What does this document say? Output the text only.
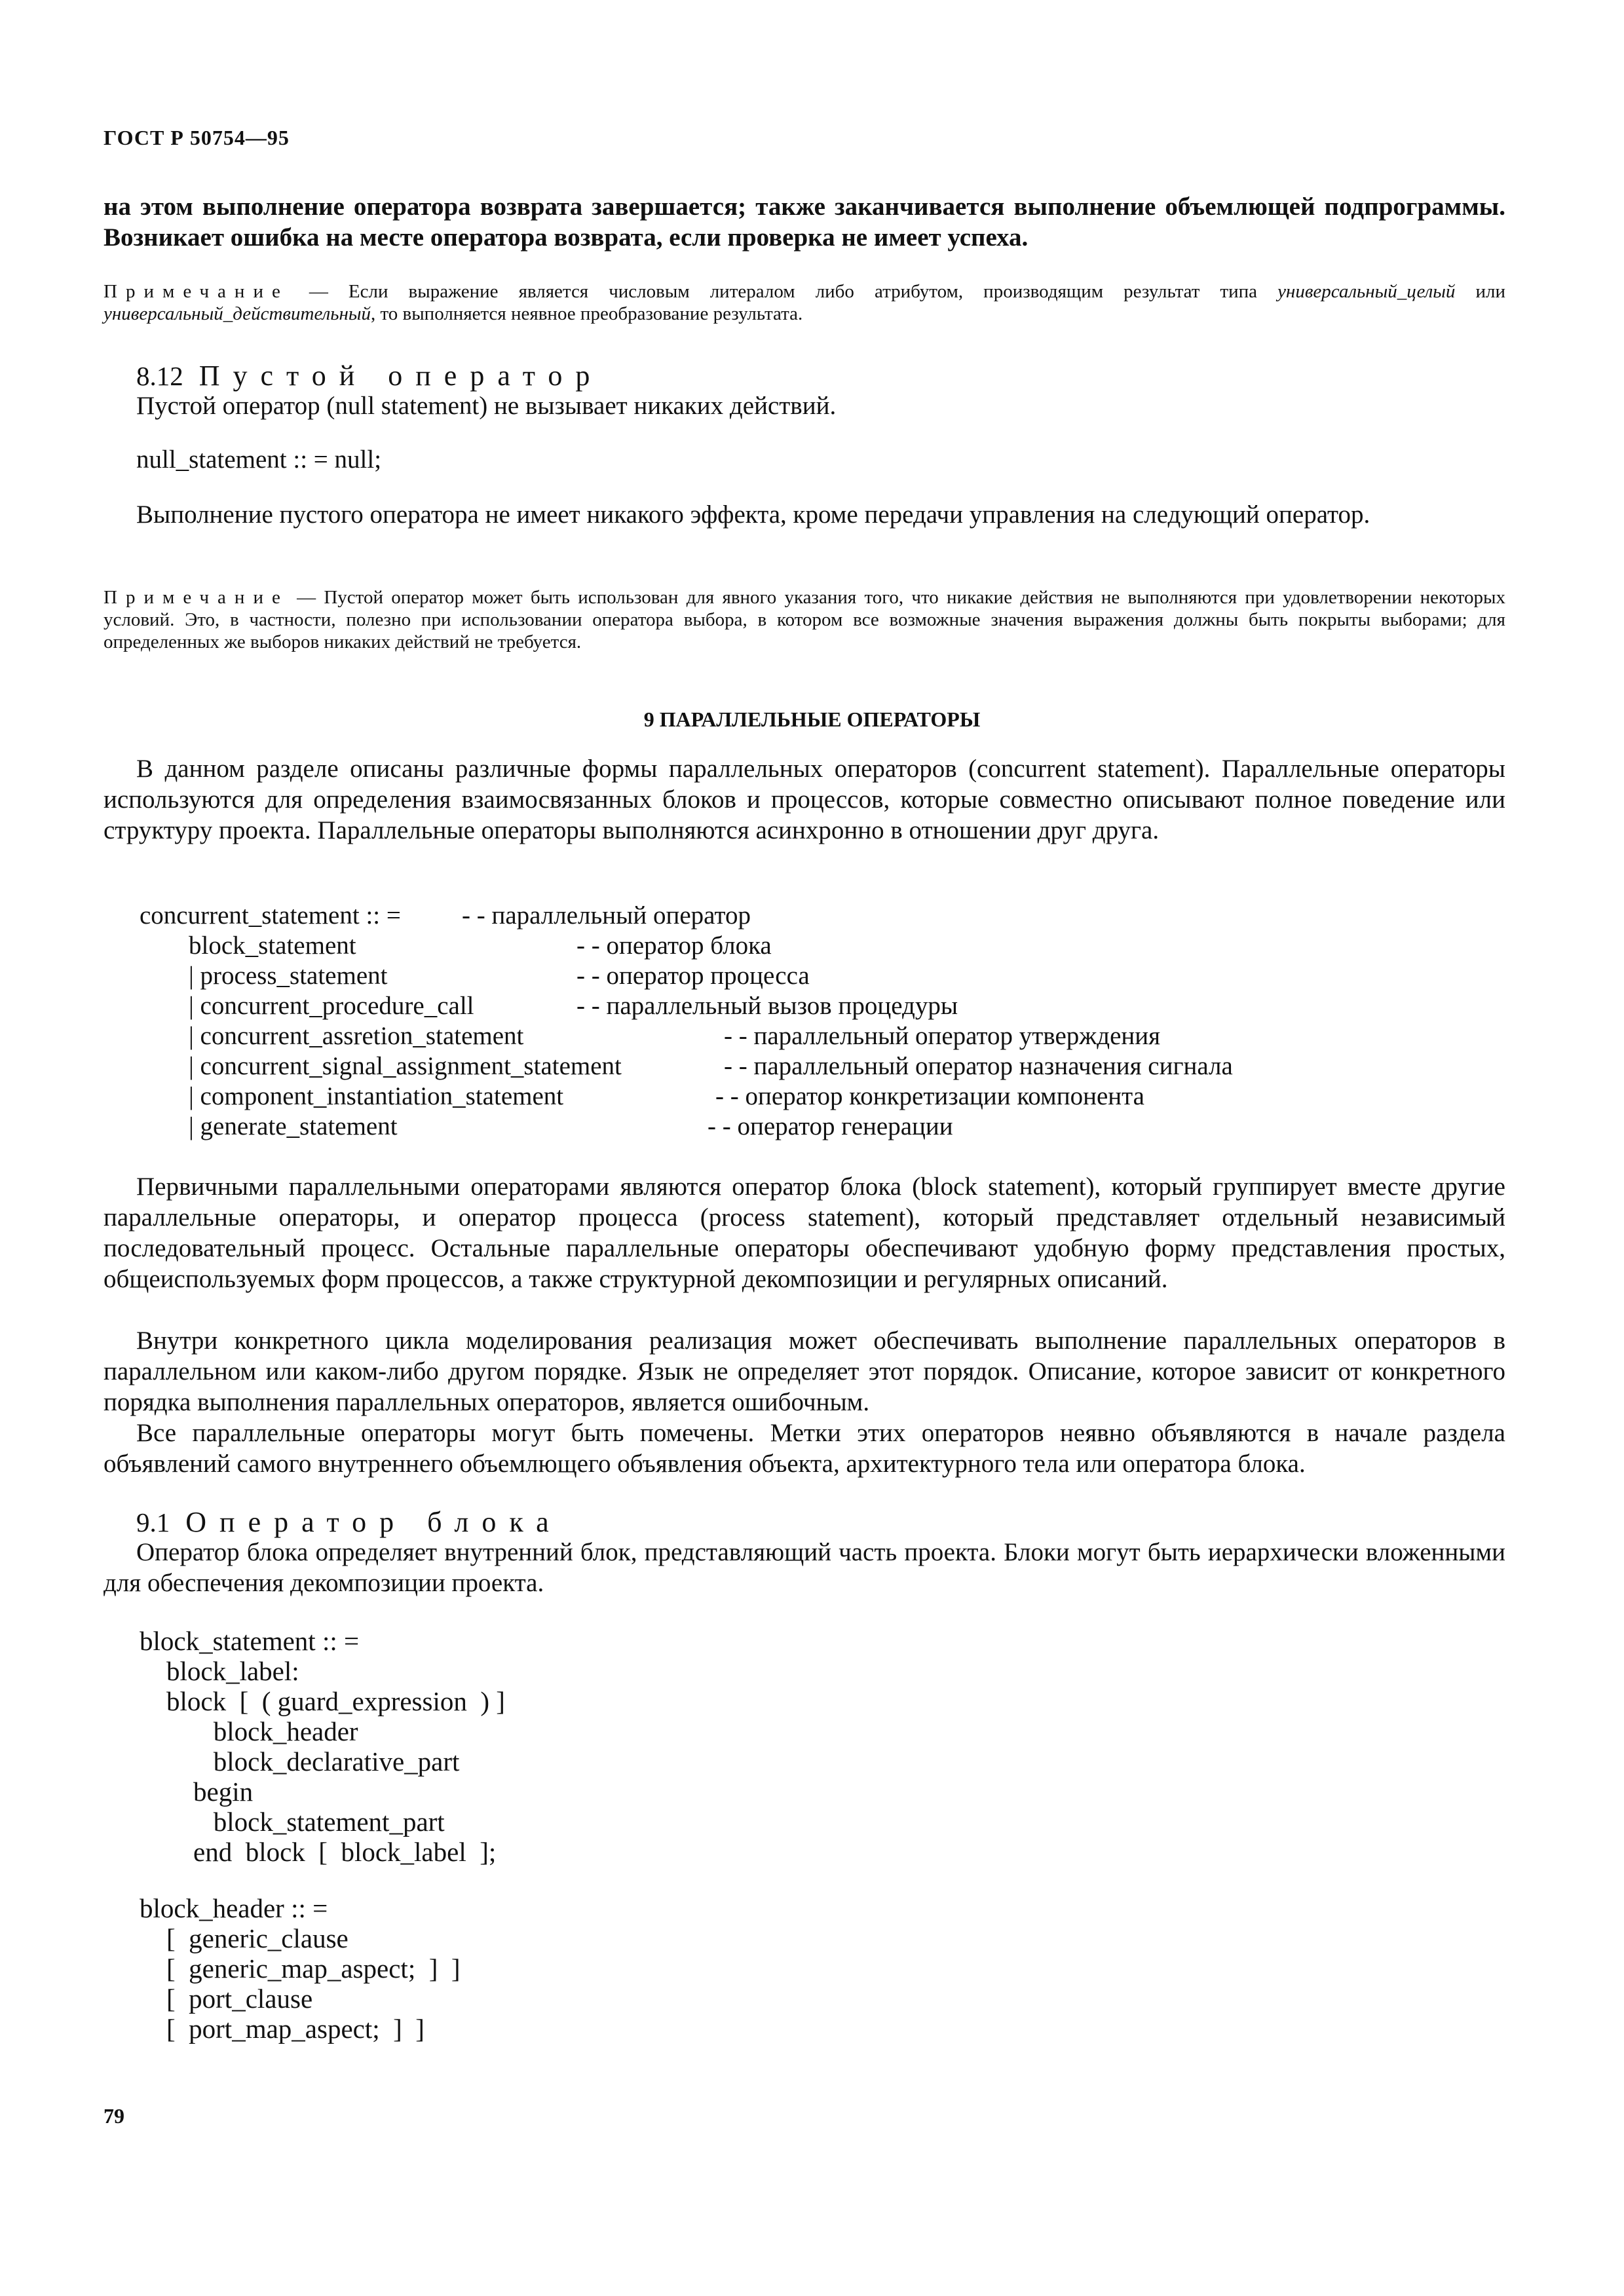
ГОСТ Р 50754—95
на этом выполнение оператора возврата завершается; также заканчивается выполнение объемлющей подпрограммы. Возникает ошибка на месте оператора возврата, если проверка не имеет успеха.
Примечание — Если выражение является числовым литералом либо атрибутом, производящим результат типа универсальный_целый или универсальный_действительный, то выполняется неявное преобразование результата.
8.12 Пустой оператор
Пустой оператор (null statement) не вызывает никаких действий.
null_statement :: = null;
Выполнение пустого оператора не имеет никакого эффекта, кроме передачи управления на следующий оператор.
Примечание — Пустой оператор может быть использован для явного указания того, что никакие действия не выполняются при удовлетворении некоторых условий. Это, в частности, полезно при использовании оператора выбора, в котором все возможные значения выражения должны быть покрыты выборами; для определенных же выборов никаких действий не требуется.
9 ПАРАЛЛЕЛЬНЫЕ ОПЕРАТОРЫ
В данном разделе описаны различные формы параллельных операторов (concurrent statement). Параллельные операторы используются для определения взаимосвязанных блоков и процессов, которые совместно описывают полное поведение или структуру проекта. Параллельные операторы выполняются асинхронно в отношении друг друга.
concurrent_statement :: = - - параллельный оператор
block_statement	- - оператор блока
| process_statement	- - оператор процесса
| concurrent_procedure_call	- - параллельный вызов процедуры
| concurrent_assretion_statement	- - параллельный оператор утверждения
| concurrent_signal_assignment_statement	- - параллельный оператор назначения сигнала
| component_instantiation_statement	- - оператор конкретизации компонента
| generate_statement	- - оператор генерации
Первичными параллельными операторами являются оператор блока (block statement), который группирует вместе другие параллельные операторы, и оператор процесса (process statement), который представляет отдельный независимый последовательный процесс. Остальные параллельные операторы обеспечивают удобную форму представления простых, общеиспользуемых форм процессов, а также структурной декомпозиции и регулярных описаний.
Внутри конкретного цикла моделирования реализация может обеспечивать выполнение параллельных операторов в параллельном или каком-либо другом порядке. Язык не определяет этот порядок. Описание, которое зависит от конкретного порядка выполнения параллельных операторов, является ошибочным.
Все параллельные операторы могут быть помечены. Метки этих операторов неявно объявляются в начале раздела объявлений самого внутреннего объемлющего объявления объекта, архитектурного тела или оператора блока.
9.1 Оператор блока
Оператор блока определяет внутренний блок, представляющий часть проекта. Блоки могут быть иерархически вложенными для обеспечения декомпозиции проекта.
block_statement :: =
block_label:
block  [  ( guard_expression  ) ]
block_header
block_declarative_part
begin
block_statement_part
end  block  [  block_label  ];
block_header :: =
[  generic_clause
[  generic_map_aspect;  ]  ]
[  port_clause
[  port_map_aspect;  ]  ]
79
